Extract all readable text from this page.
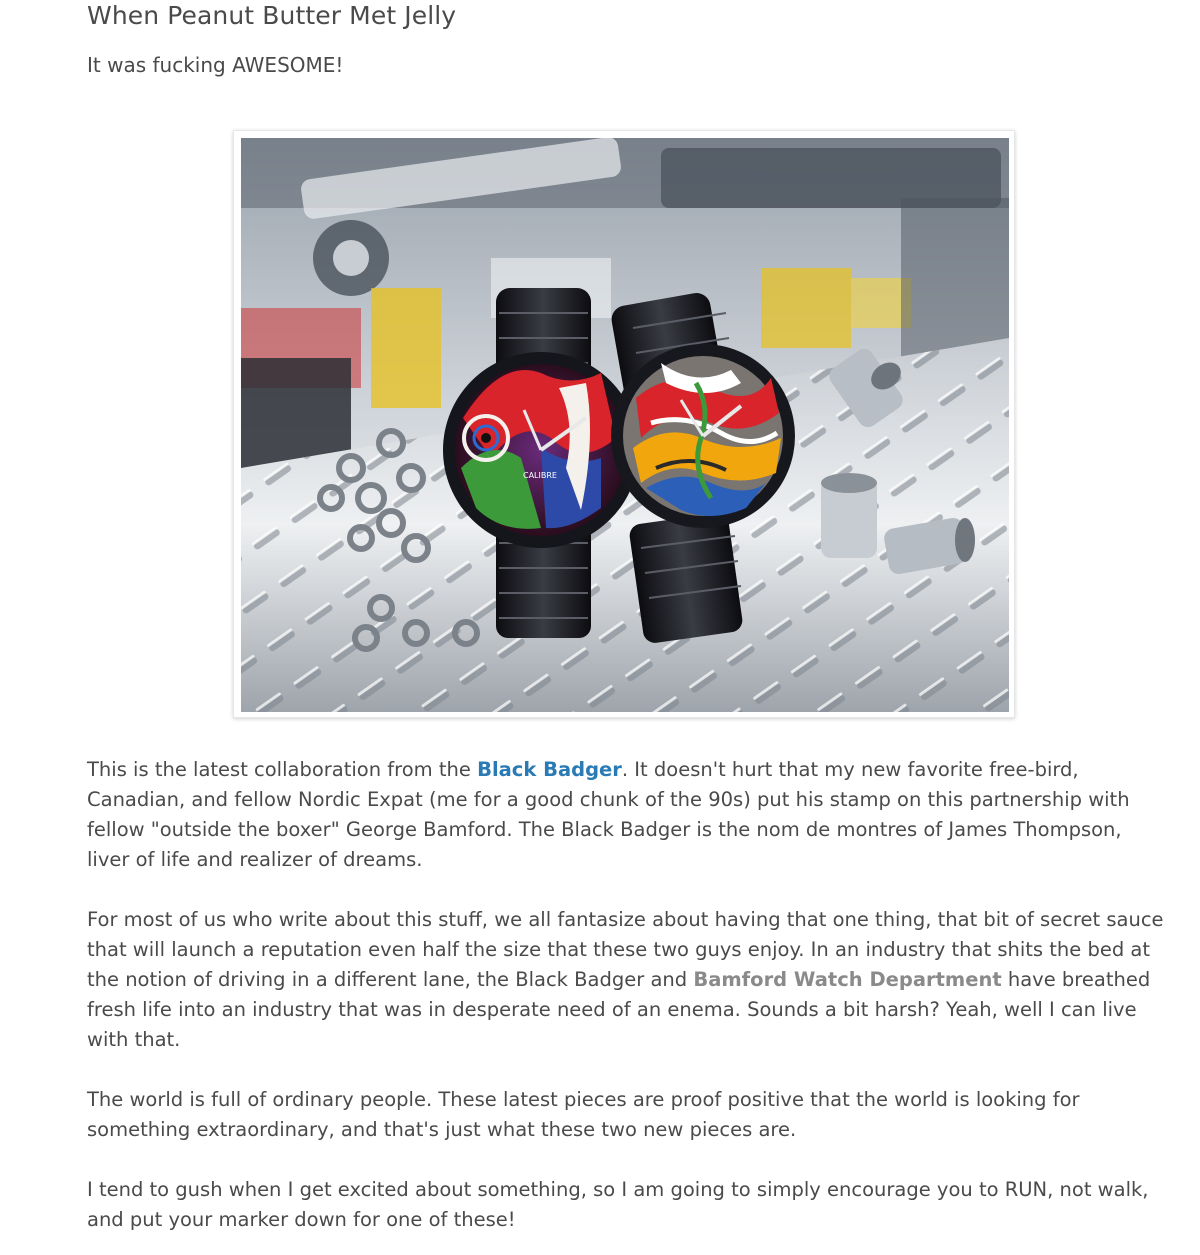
When Peanut Butter Met Jelly

It was fucking AWESOME!

CALIBRE

This is the latest collaboration from the Black Badger. It doesn't hurt that my new favorite free-bird, Canadian, and fellow Nordic Expat (me for a good chunk of the 90s) put his stamp on this partnership with fellow "outside the boxer" George Bamford. The Black Badger is the nom de montres of James Thompson, liver of life and realizer of dreams.

For most of us who write about this stuff, we all fantasize about having that one thing, that bit of secret sauce that will launch a reputation even half the size that these two guys enjoy. In an industry that shits the bed at the notion of driving in a different lane, the Black Badger and Bamford Watch Department have breathed fresh life into an industry that was in desperate need of an enema. Sounds a bit harsh? Yeah, well I can live with that.

The world is full of ordinary people. These latest pieces are proof positive that the world is looking for something extraordinary, and that's just what these two new pieces are.

I tend to gush when I get excited about something, so I am going to simply encourage you to RUN, not walk, and put your marker down for one of these!
